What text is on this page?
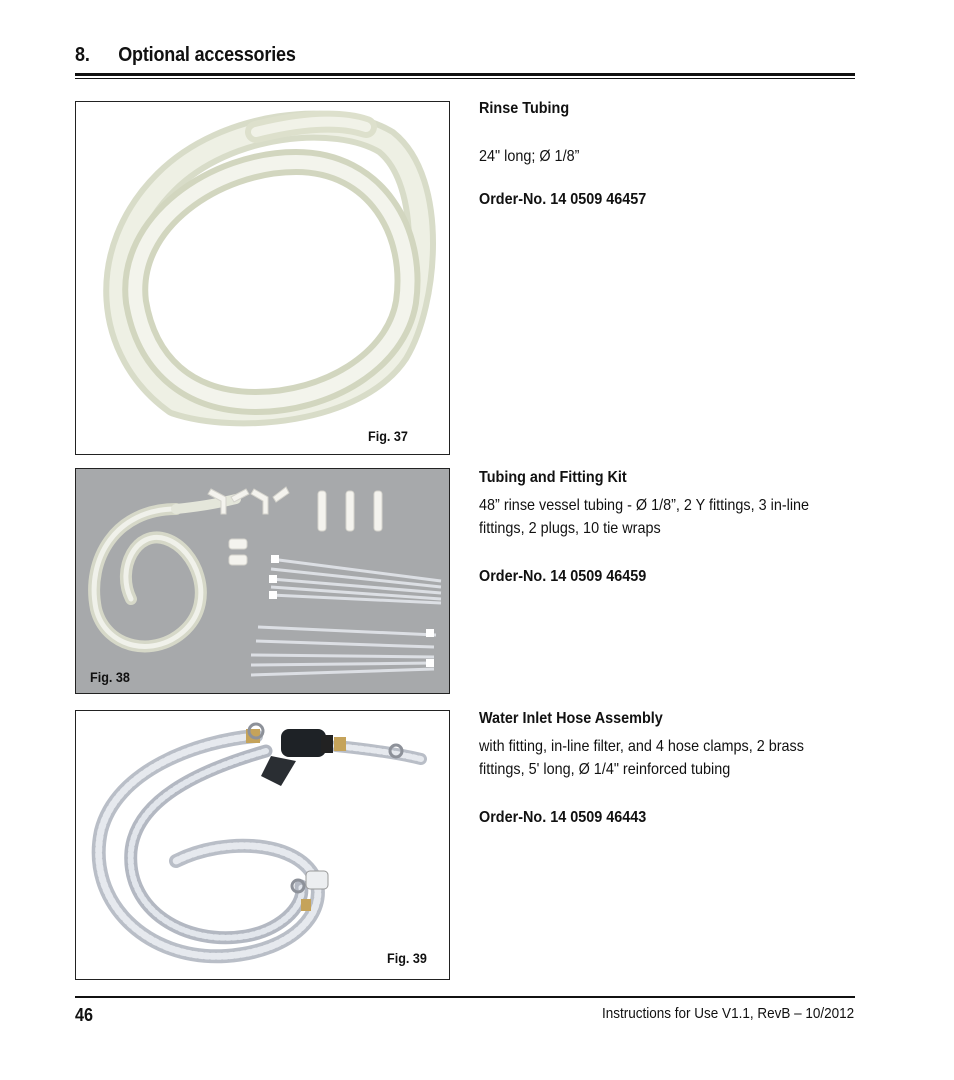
8. Optional accessories
Fig. 37
Rinse Tubing
24" long; Ø 1/8”
Order-No. 14 0509 46457
Fig. 38
Tubing and Fitting Kit
48” rinse vessel tubing - Ø 1/8”, 2 Y fittings, 3 in-line fittings, 2 plugs, 10 tie wraps
Order-No. 14 0509 46459
Fig. 39
Water Inlet Hose Assembly
with fitting, in-line filter, and 4 hose clamps, 2 brass fittings, 5' long, Ø 1/4" reinforced tubing
Order-No. 14 0509 46443
46	Instructions for Use V1.1, RevB – 10/2012
